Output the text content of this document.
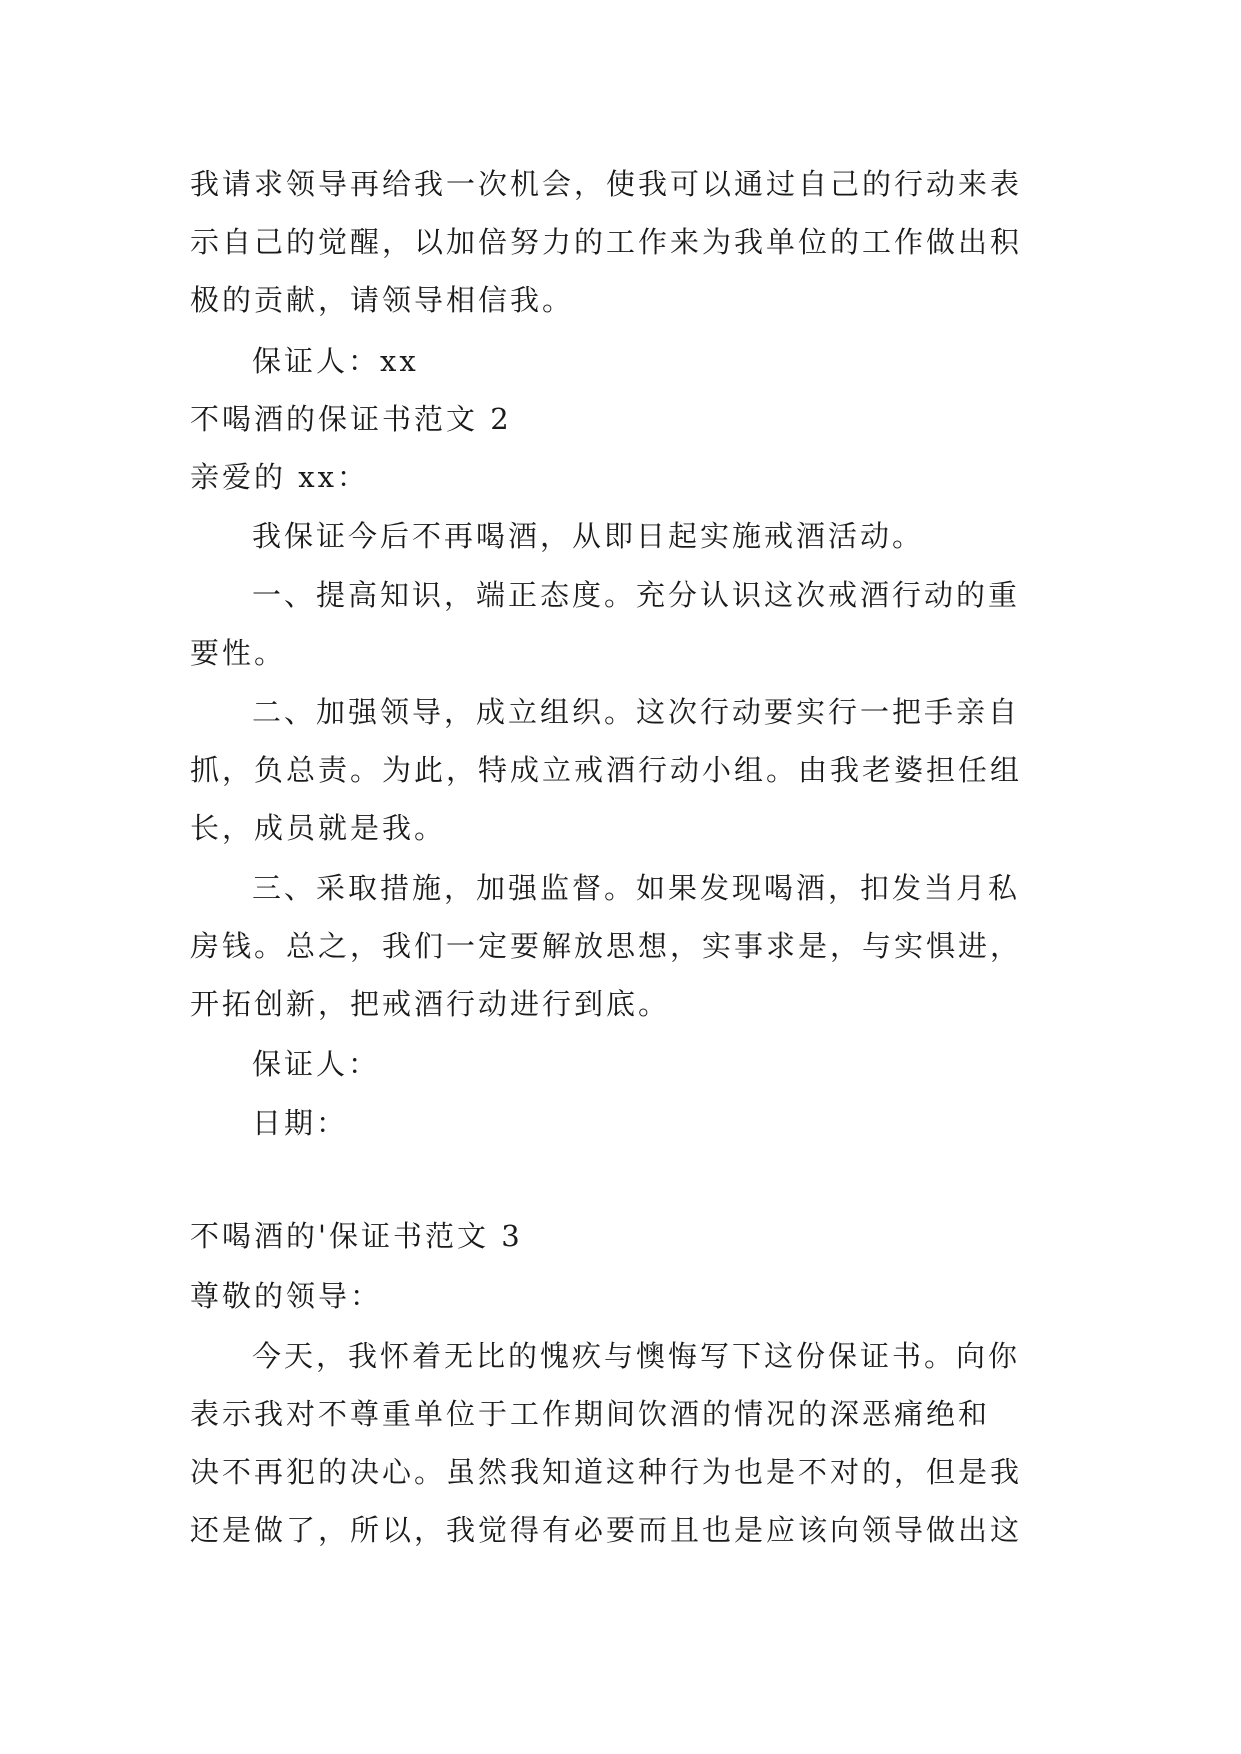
我请求领导再给我一次机会，使我可以通过自己的行动来表

示自己的觉醒，以加倍努力的工作来为我单位的工作做出积

极的贡献，请领导相信我。

保证人：xx

不喝酒的保证书范文 2

亲爱的 xx：

我保证今后不再喝酒，从即日起实施戒酒活动。

一、提高知识，端正态度。充分认识这次戒酒行动的重

要性。

二、加强领导，成立组织。这次行动要实行一把手亲自

抓，负总责。为此，特成立戒酒行动小组。由我老婆担任组

长，成员就是我。

三、采取措施，加强监督。如果发现喝酒，扣发当月私

房钱。总之，我们一定要解放思想，实事求是，与实惧进，

开拓创新，把戒酒行动进行到底。

保证人：

日期：

不喝酒的'保证书范文 3

尊敬的领导：

今天，我怀着无比的愧疚与懊悔写下这份保证书。向你

表示我对不尊重单位于工作期间饮酒的情况的深恶痛绝和

决不再犯的决心。虽然我知道这种行为也是不对的，但是我

还是做了，所以，我觉得有必要而且也是应该向领导做出这
